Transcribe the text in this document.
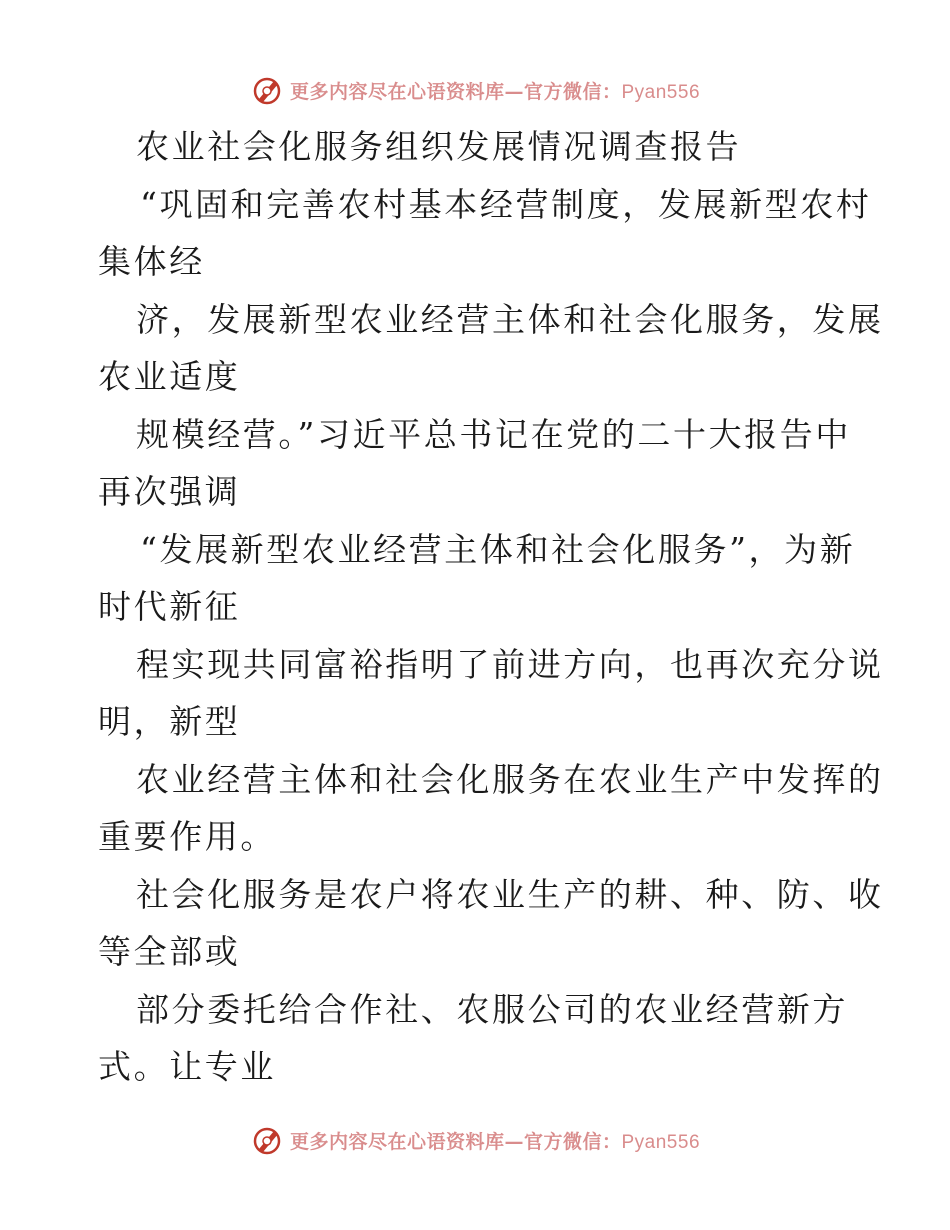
更多内容尽在心语资料库—官方微信：Pyan556
农业社会化服务组织发展情况调查报告
“巩固和完善农村基本经营制度，发展新型农村
集体经
济，发展新型农业经营主体和社会化服务，发展
农业适度
规模经营。”习近平总书记在党的二十大报告中
再次强调
“发展新型农业经营主体和社会化服务”，为新
时代新征
程实现共同富裕指明了前进方向，也再次充分说
明，新型
农业经营主体和社会化服务在农业生产中发挥的
重要作用。
社会化服务是农户将农业生产的耕、种、防、收
等全部或
部分委托给合作社、农服公司的农业经营新方
式。让专业
更多内容尽在心语资料库—官方微信：Pyan556
